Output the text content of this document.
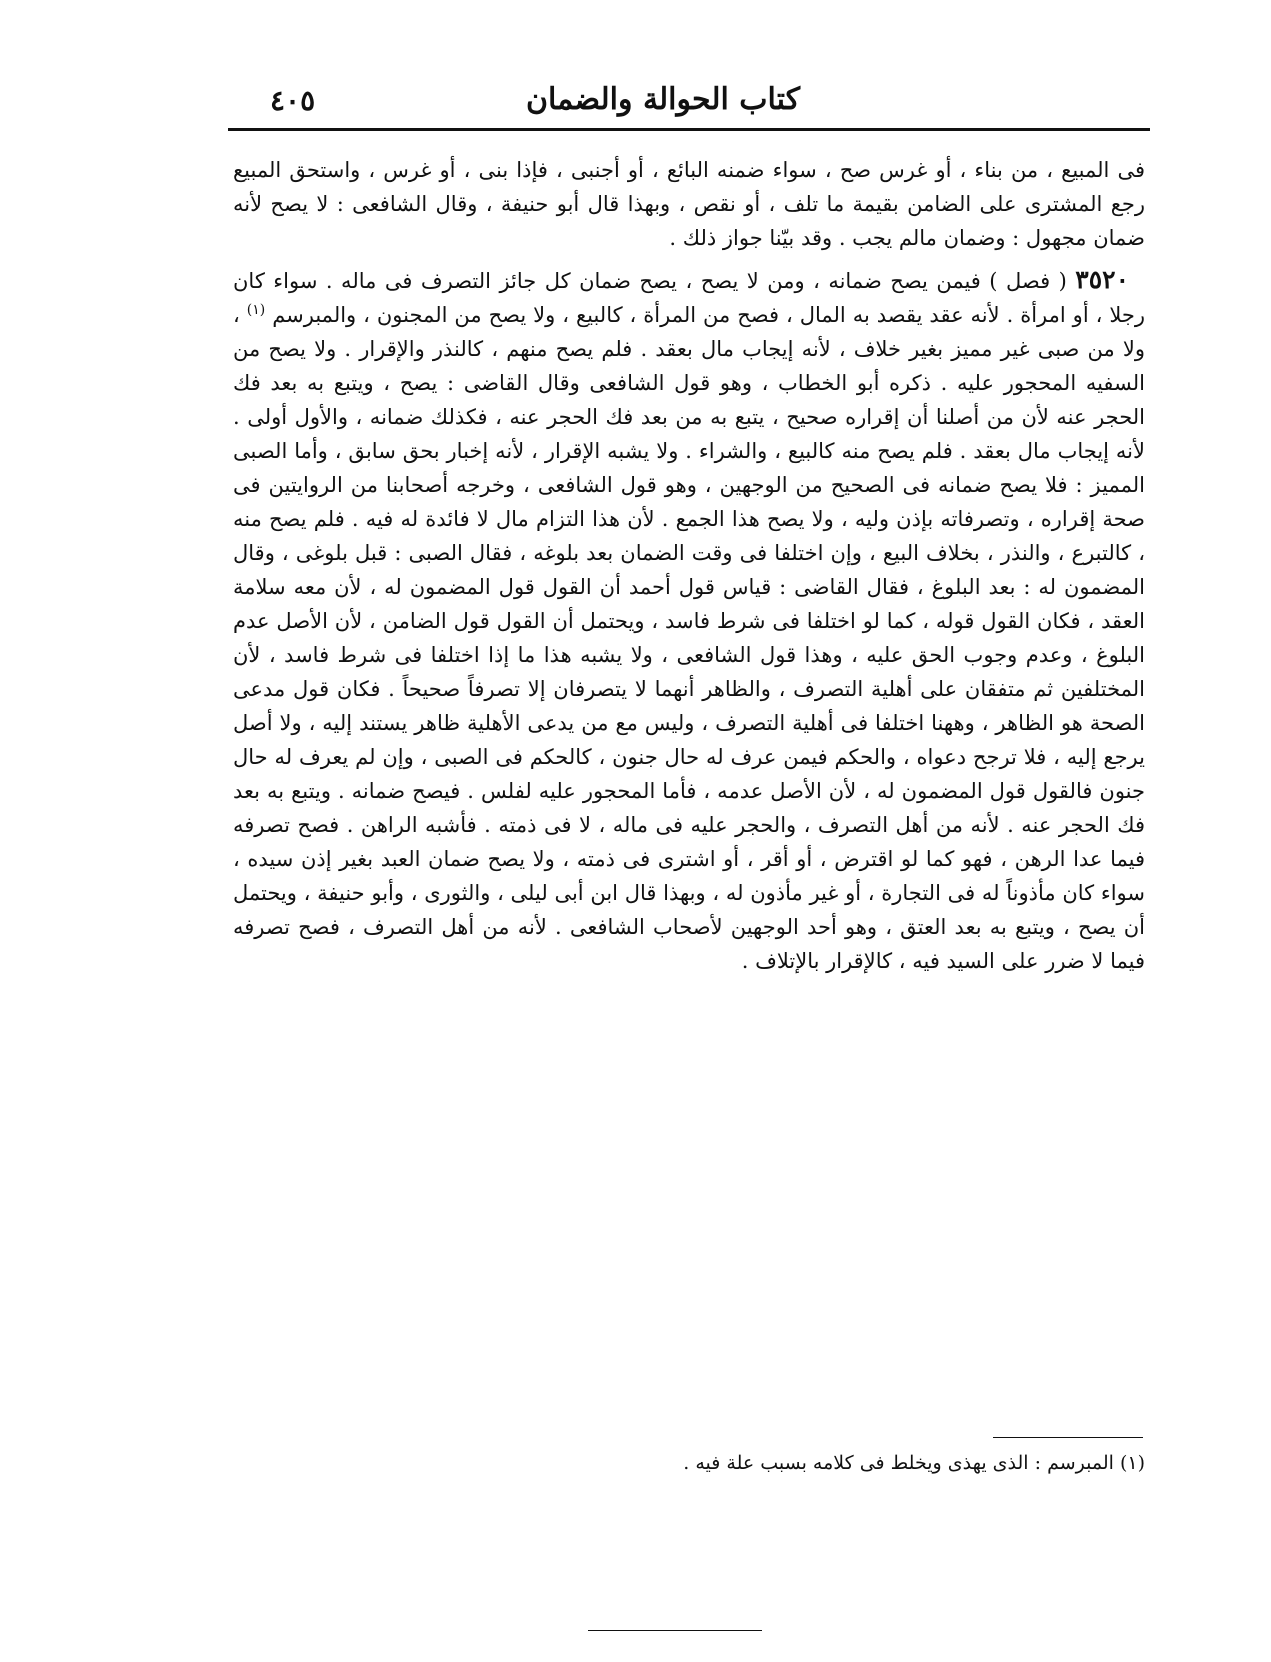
كتاب الحوالة والضمان
٤٠٥

فى المبيع ، من بناء ، أو غرس صح ، سواء ضمنه البائع ، أو أجنبى ، فإذا بنى ، أو غرس ، واستحق المبيع رجع المشترى على الضامن بقيمة ما تلف ، أو نقص ، وبهذا قال أبو حنيفة ، وقال الشافعى : لا يصح لأنه ضمان مجهول : وضمان مالم يجب . وقد بيّنا جواز ذلك .

٣٥٢٠ ( فصل ) فيمن يصح ضمانه ، ومن لا يصح ، يصح ضمان كل جائز التصرف فى ماله . سواء كان رجلا ، أو امرأة . لأنه عقد يقصد به المال ، فصح من المرأة ، كالبيع ، ولا يصح من المجنون ، والمبرسم $^{(١)}$ ، ولا من صبى غير مميز بغير خلاف ، لأنه إيجاب مال بعقد . فلم يصح منهم ، كالنذر والإقرار . ولا يصح من السفيه المحجور عليه . ذكره أبو الخطاب ، وهو قول الشافعى وقال القاضى : يصح ، ويتبع به بعد فك الحجر عنه لأن من أصلنا أن إقراره صحيح ، يتبع به من بعد فك الحجر عنه ، فكذلك ضمانه ، والأول أولى . لأنه إيجاب مال بعقد . فلم يصح منه كالبيع ، والشراء . ولا يشبه الإقرار ، لأنه إخبار بحق سابق ، وأما الصبى المميز : فلا يصح ضمانه فى الصحيح من الوجهين ، وهو قول الشافعى ، وخرجه أصحابنا من الروايتين فى صحة إقراره ، وتصرفاته بإذن وليه ، ولا يصح هذا الجمع . لأن هذا التزام مال لا فائدة له فيه . فلم يصح منه ، كالتبرع ، والنذر ، بخلاف البيع ، وإن اختلفا فى وقت الضمان بعد بلوغه ، فقال الصبى : قبل بلوغى ، وقال المضمون له : بعد البلوغ ، فقال القاضى : قياس قول أحمد أن القول قول المضمون له ، لأن معه سلامة العقد ، فكان القول قوله ، كما لو اختلفا فى شرط فاسد ، ويحتمل أن القول قول الضامن ، لأن الأصل عدم البلوغ ، وعدم وجوب الحق عليه ، وهذا قول الشافعى ، ولا يشبه هذا ما إذا اختلفا فى شرط فاسد ، لأن المختلفين ثم متفقان على أهلية التصرف ، والظاهر أنهما لا يتصرفان إلا تصرفاً صحيحاً . فكان قول مدعى الصحة هو الظاهر ، وههنا اختلفا فى أهلية التصرف ، وليس مع من يدعى الأهلية ظاهر يستند إليه ، ولا أصل يرجع إليه ، فلا ترجح دعواه ، والحكم فيمن عرف له حال جنون ، كالحكم فى الصبى ، وإن لم يعرف له حال جنون فالقول قول المضمون له ، لأن الأصل عدمه ، فأما المحجور عليه لفلس . فيصح ضمانه . ويتبع به بعد فك الحجر عنه . لأنه من أهل التصرف ، والحجر عليه فى ماله ، لا فى ذمته . فأشبه الراهن . فصح تصرفه فيما عدا الرهن ، فهو كما لو اقترض ، أو أقر ، أو اشترى فى ذمته ، ولا يصح ضمان العبد بغير إذن سيده ، سواء كان مأذوناً له فى التجارة ، أو غير مأذون له ، وبهذا قال ابن أبى ليلى ، والثورى ، وأبو حنيفة ، ويحتمل أن يصح ، ويتبع به بعد العتق ، وهو أحد الوجهين لأصحاب الشافعى . لأنه من أهل التصرف ، فصح تصرفه فيما لا ضرر على السيد فيه ، كالإقرار بالإتلاف .

(١) المبرسم : الذى يهذى ويخلط فى كلامه بسبب علة فيه .
